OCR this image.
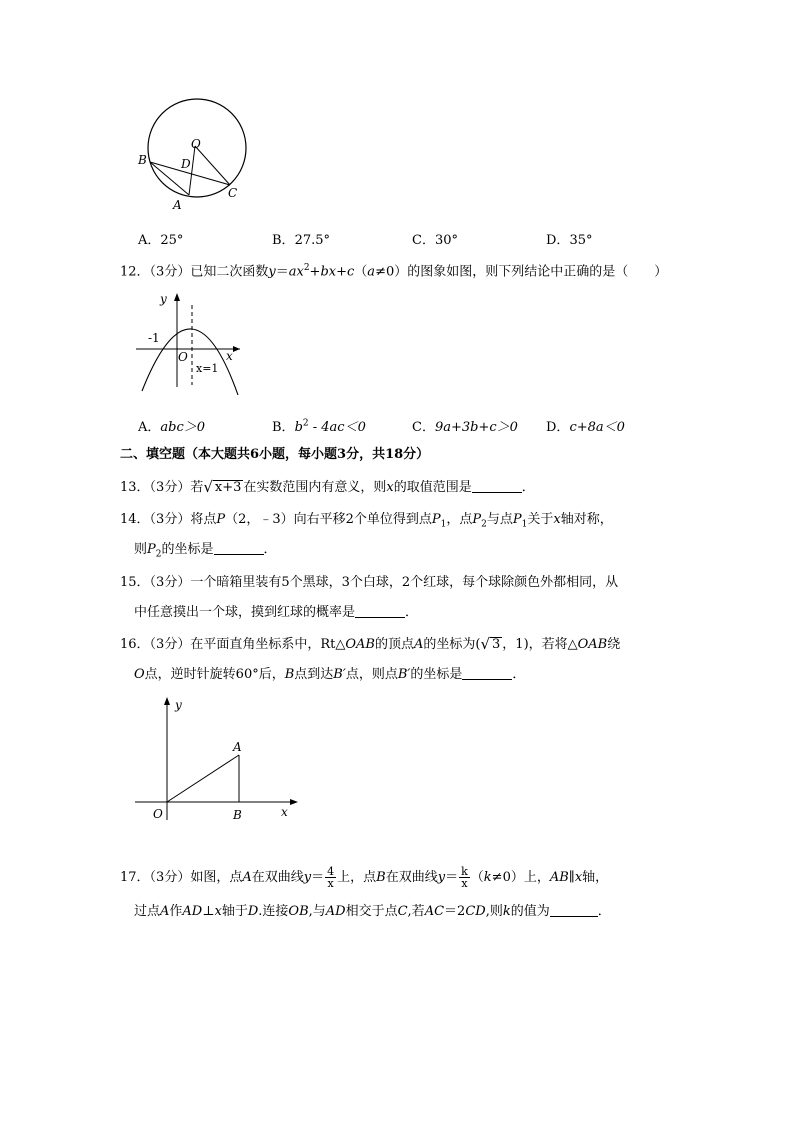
O
B	D
A
C
A．25°	B．27.5°	C．30°	D．35°
12．（3分）已知二次函数$y=ax^2+bx+c(a\ne 0)$的图象如图，则下列结论中正确的是（　　）
y
x
O
-1
x=1
A．abc＞0	B．$b^2 - 4ac<0$	C．9a+3b+c＞0 D．c+8a＜0
二、填空题（本大题共6小题，每小题3分，共18分）
13．（3分）若√ x+3 在实数范围内有意义，则x的取值范围是	．
14．（3分）将点P（2，﹣3）向右平移2个单位得到点$P_1$，点$P_2$与点$P_1$关于x轴对称，
则$P_2$的坐标是	．
15．（3分）一个暗箱里装有5个黑球，3个白球，2个红球，每个球除颜色外都相同，从
中任意摸出一个球，摸到红球的概率是	．
16．（3分）在平面直角坐标系中，Rt△OAB的顶点A的坐标为(√ 3 ，1)，若将△OAB绕
O点，逆时针旋转60°后，B点到达B′点，则点B′的坐标是	．
y
A
O	B	x
17．（3分）如图，点A在双曲线$y= \frac{4}{x}$ 上，点B在双曲线$y= \frac{k}{x} (k\ne 0)$上，AB∥x轴，
过点A作AD⊥x轴于D.连接OB,与AD相交于点C,若AC＝2CD,则k的值为	．
